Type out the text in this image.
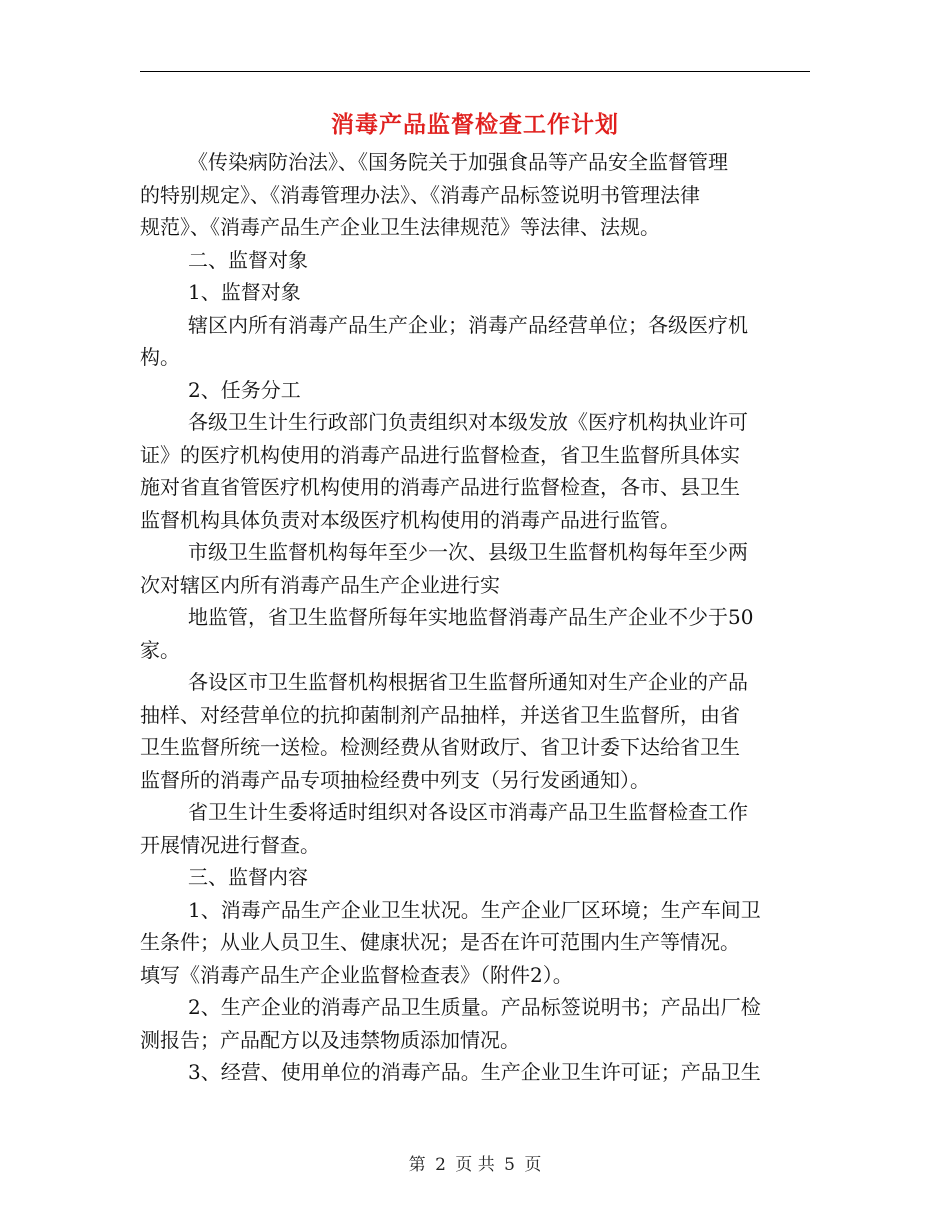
消毒产品监督检查工作计划

《传染病防治法》、《国务院关于加强食品等产品安全监督管理

的特别规定》、《消毒管理办法》、《消毒产品标签说明书管理法律

规范》、《消毒产品生产企业卫生法律规范》等法律、法规。

二、监督对象

1、监督对象

辖区内所有消毒产品生产企业；消毒产品经营单位；各级医疗机

构。

2、任务分工

各级卫生计生行政部门负责组织对本级发放《医疗机构执业许可

证》的医疗机构使用的消毒产品进行监督检查，省卫生监督所具体实

施对省直省管医疗机构使用的消毒产品进行监督检查，各市、县卫生

监督机构具体负责对本级医疗机构使用的消毒产品进行监管。

市级卫生监督机构每年至少一次、县级卫生监督机构每年至少两

次对辖区内所有消毒产品生产企业进行实

地监管，省卫生监督所每年实地监督消毒产品生产企业不少于50

家。

各设区市卫生监督机构根据省卫生监督所通知对生产企业的产品

抽样、对经营单位的抗抑菌制剂产品抽样，并送省卫生监督所，由省

卫生监督所统一送检。检测经费从省财政厅、省卫计委下达给省卫生

监督所的消毒产品专项抽检经费中列支（另行发函通知）。

省卫生计生委将适时组织对各设区市消毒产品卫生监督检查工作

开展情况进行督查。

三、监督内容

1、消毒产品生产企业卫生状况。生产企业厂区环境；生产车间卫

生条件；从业人员卫生、健康状况；是否在许可范围内生产等情况。

填写《消毒产品生产企业监督检查表》（附件2）。

2、生产企业的消毒产品卫生质量。产品标签说明书；产品出厂检

测报告；产品配方以及违禁物质添加情况。

3、经营、使用单位的消毒产品。生产企业卫生许可证；产品卫生

第 2 页 共 5 页
